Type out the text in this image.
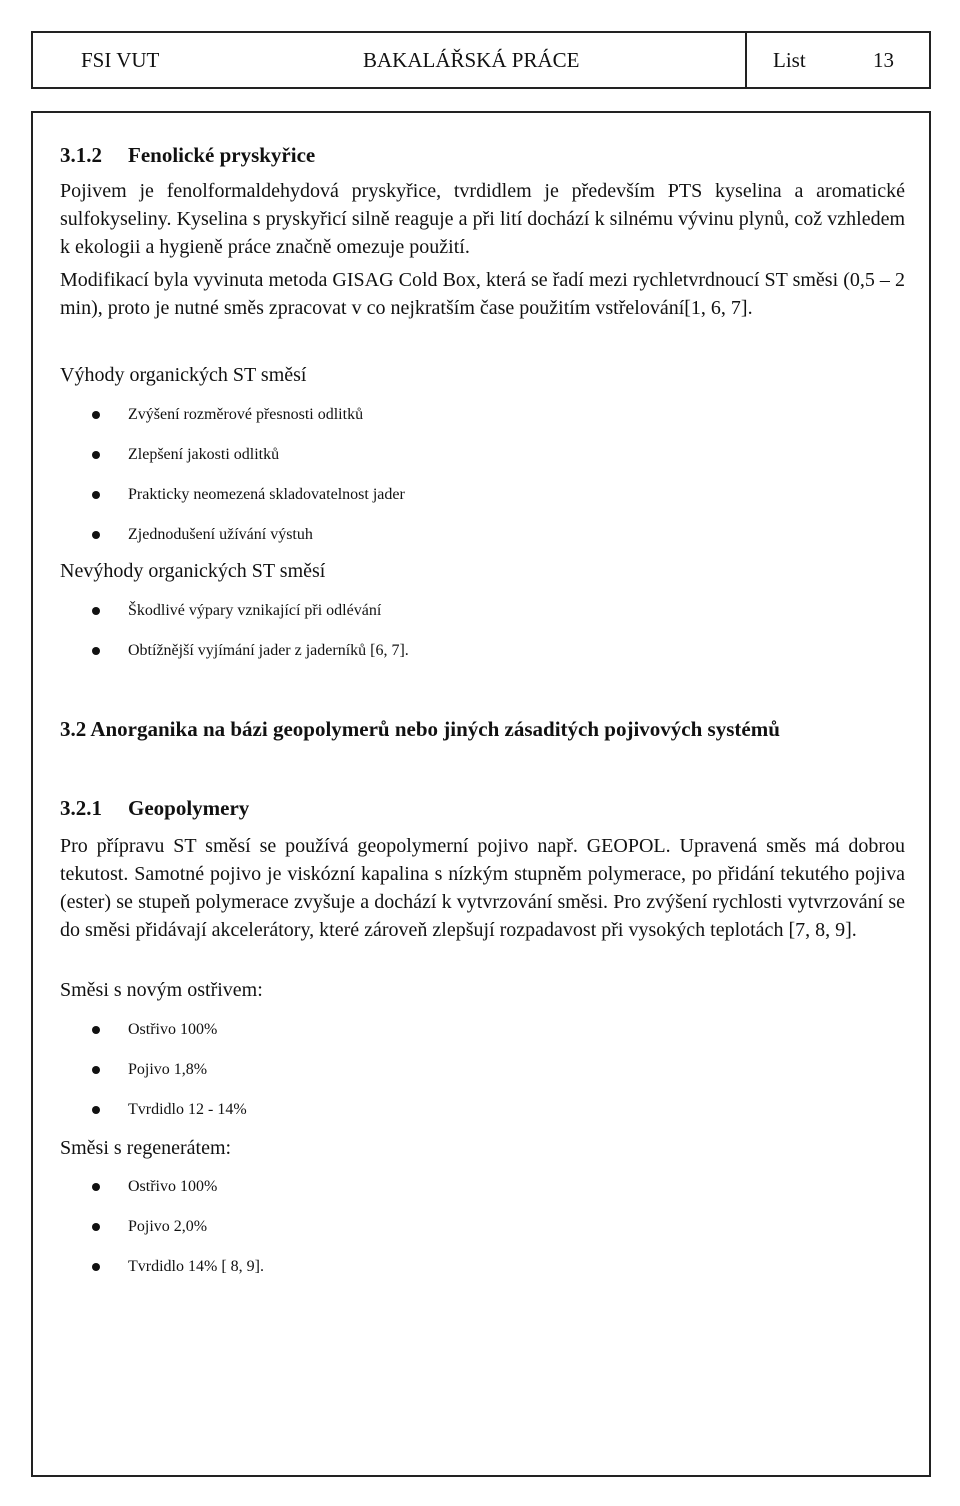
FSI VUT	BAKALÁŘSKÁ PRÁCE	List	13
3.1.2 Fenolické pryskyřice
Pojivem je fenolformaldehydová pryskyřice, tvrdidlem je především PTS kyselina a aromatické sulfokyseliny. Kyselina s pryskyřicí silně reaguje a při lití dochází k silnému vývinu plynů, což vzhledem k ekologii a hygieně práce značně omezuje použití.
Modifikací byla vyvinuta metoda GISAG Cold Box, která se řadí mezi rychletvrdnoucí ST směsi (0,5 – 2 min), proto je nutné směs zpracovat v co nejkratším čase použitím vstřelování[1, 6, 7].
Výhody organických ST směsí
Zvýšení rozměrové přesnosti odlitků
Zlepšení jakosti odlitků
Prakticky neomezená skladovatelnost jader
Zjednodušení užívání výstuh
Nevýhody organických ST směsí
Škodlivé výpary vznikající při odlévání
Obtížnější vyjímání jader z jaderníků [6, 7].
3.2 Anorganika na bázi geopolymerů nebo jiných zásaditých pojivových systémů
3.2.1 Geopolymery
Pro přípravu ST směsí se používá geopolymerní pojivo např. GEOPOL. Upravená směs má dobrou tekutost. Samotné pojivo je viskózní kapalina s nízkým stupněm polymerace, po přidání tekutého pojiva (ester) se stupeň polymerace zvyšuje a dochází k vytvrzování směsi. Pro zvýšení rychlosti vytvrzování se do směsi přidávají akcelerátory, které zároveň zlepšují rozpadavost při vysokých teplotách [7, 8, 9].
Směsi s novým ostřivem:
Ostřivo 100%
Pojivo 1,8%
Tvrdidlo 12 - 14%
Směsi s regenerátem:
Ostřivo 100%
Pojivo 2,0%
Tvrdidlo 14% [ 8, 9].
